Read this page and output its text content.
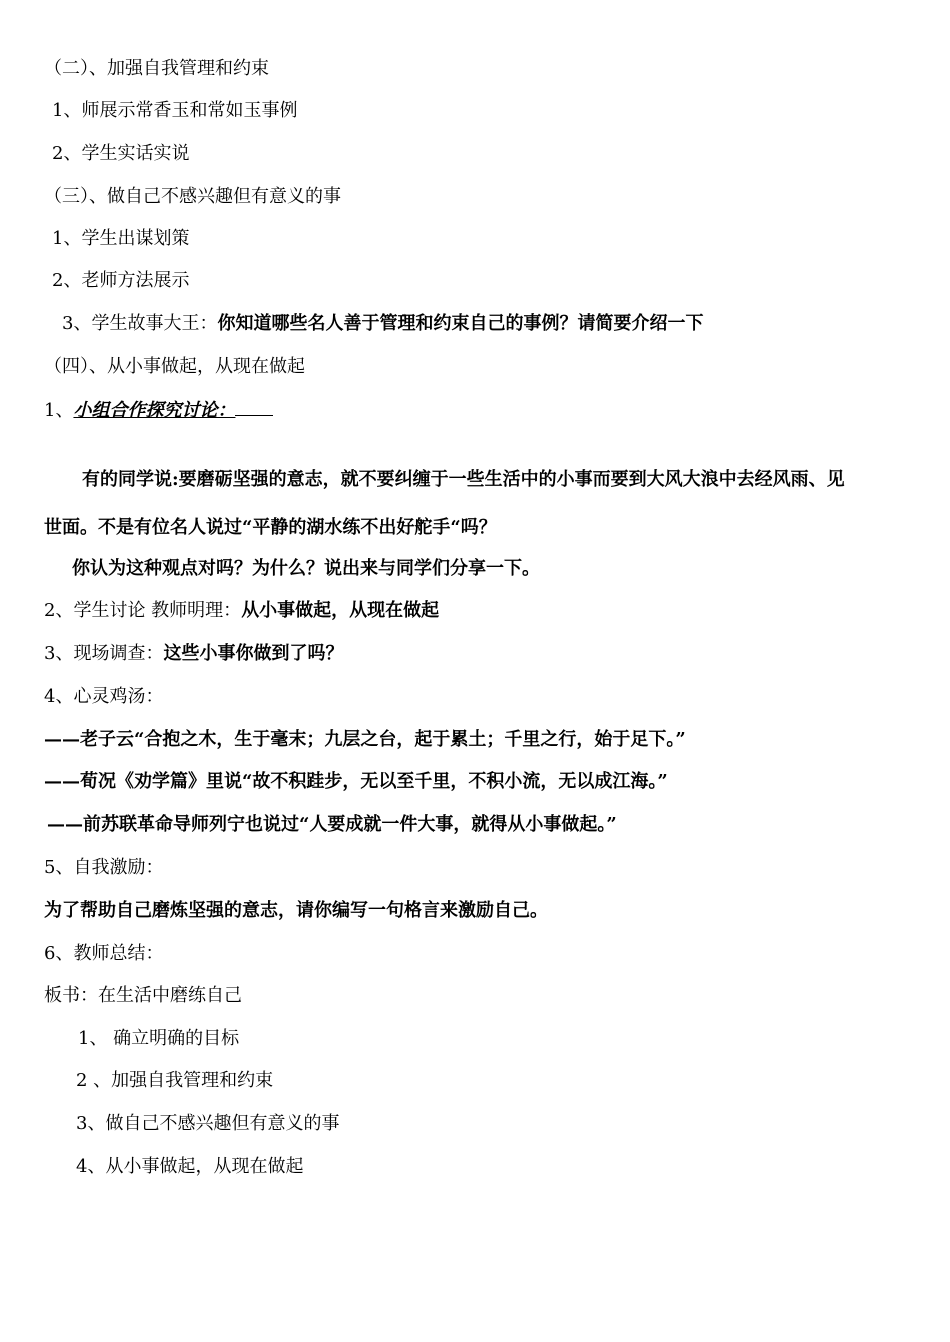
（二）、加强自我管理和约束
1、师展示常香玉和常如玉事例
2、学生实话实说
（三）、做自己不感兴趣但有意义的事
1、学生出谋划策
2、老师方法展示
3、学生故事大王：你知道哪些名人善于管理和约束自己的事例？请简要介绍一下
（四）、从小事做起，从现在做起
1、小组合作探究讨论：
有的同学说:要磨砺坚强的意志，就不要纠缠于一些生活中的小事而要到大风大浪中去经风雨、见
世面。不是有位名人说过“平静的湖水练不出好舵手“吗？
你认为这种观点对吗？为什么？说出来与同学们分享一下。
2、学生讨论 教师明理：从小事做起，从现在做起
3、现场调查：这些小事你做到了吗？
4、心灵鸡汤：
——老子云“合抱之木，生于毫末；九层之台，起于累土；千里之行，始于足下。”
——荀况《劝学篇》里说“故不积跬步，无以至千里，不积小流，无以成江海。”
——前苏联革命导师列宁也说过“人要成就一件大事，就得从小事做起。”
5、自我激励：
为了帮助自己磨炼坚强的意志，请你编写一句格言来激励自己。
6、教师总结：
板书：在生活中磨练自己
1、 确立明确的目标
2 、加强自我管理和约束
3、做自己不感兴趣但有意义的事
4、从小事做起，从现在做起
